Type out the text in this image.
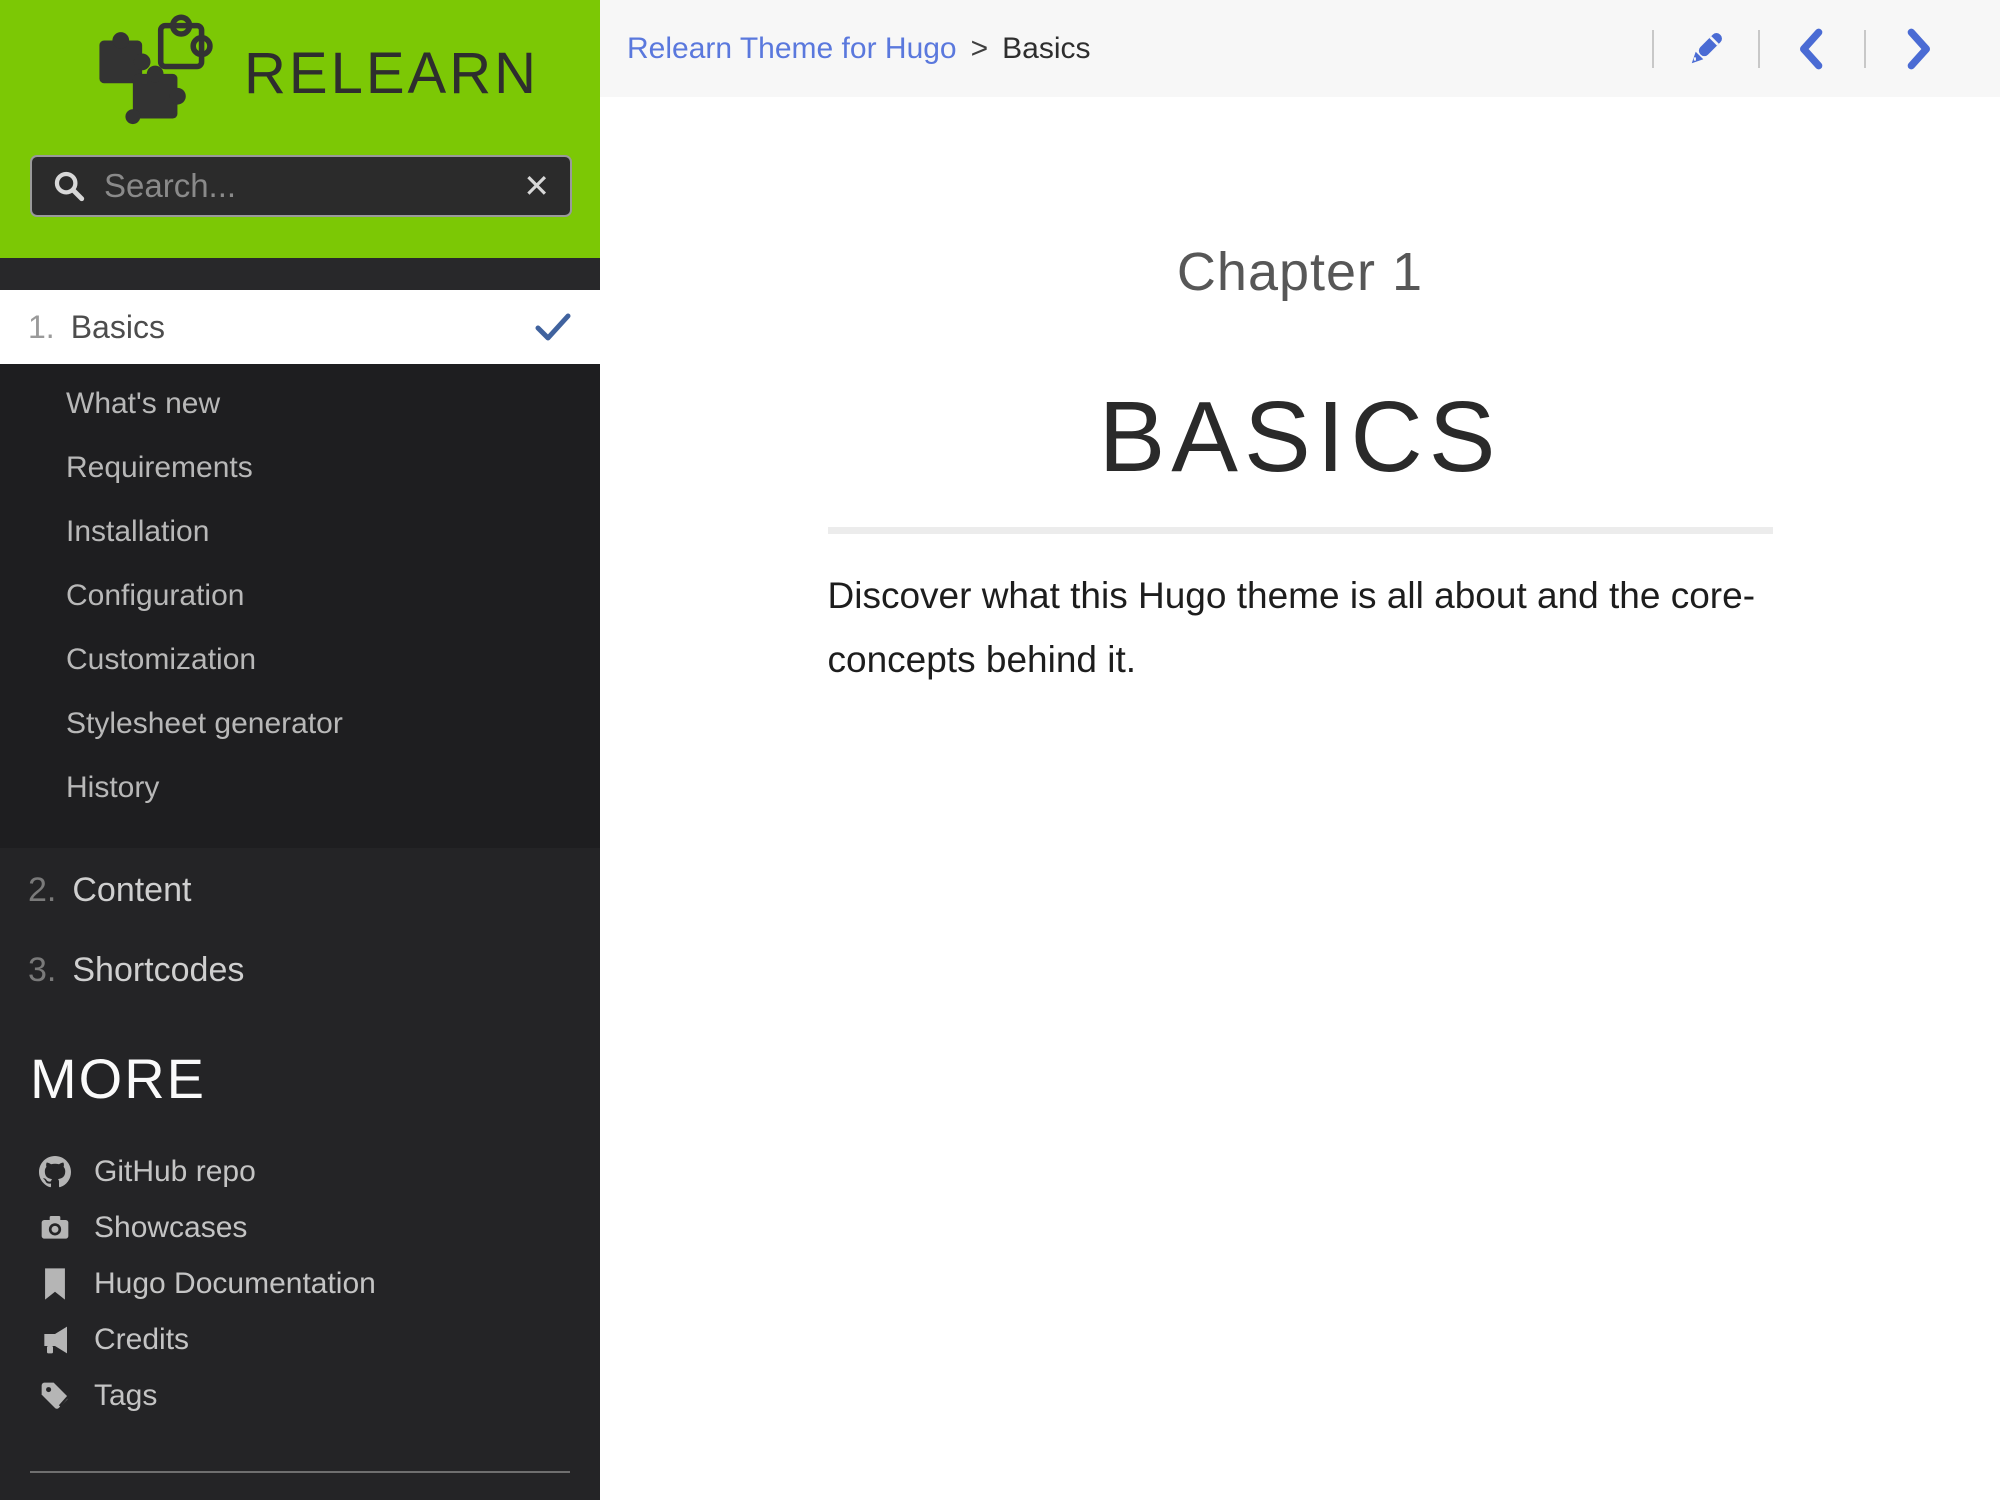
RELEARN
Search...
✕
1. Basics
What's new
Requirements
Installation
Configuration
Customization
Stylesheet generator
History
2. Content
3. Shortcodes
MORE
GitHub repo
Showcases
Hugo Documentation
Credits
Tags
Relearn Theme for Hugo > Basics
Chapter 1
BASICS

Discover what this Hugo theme is all about and the core-concepts behind it.
